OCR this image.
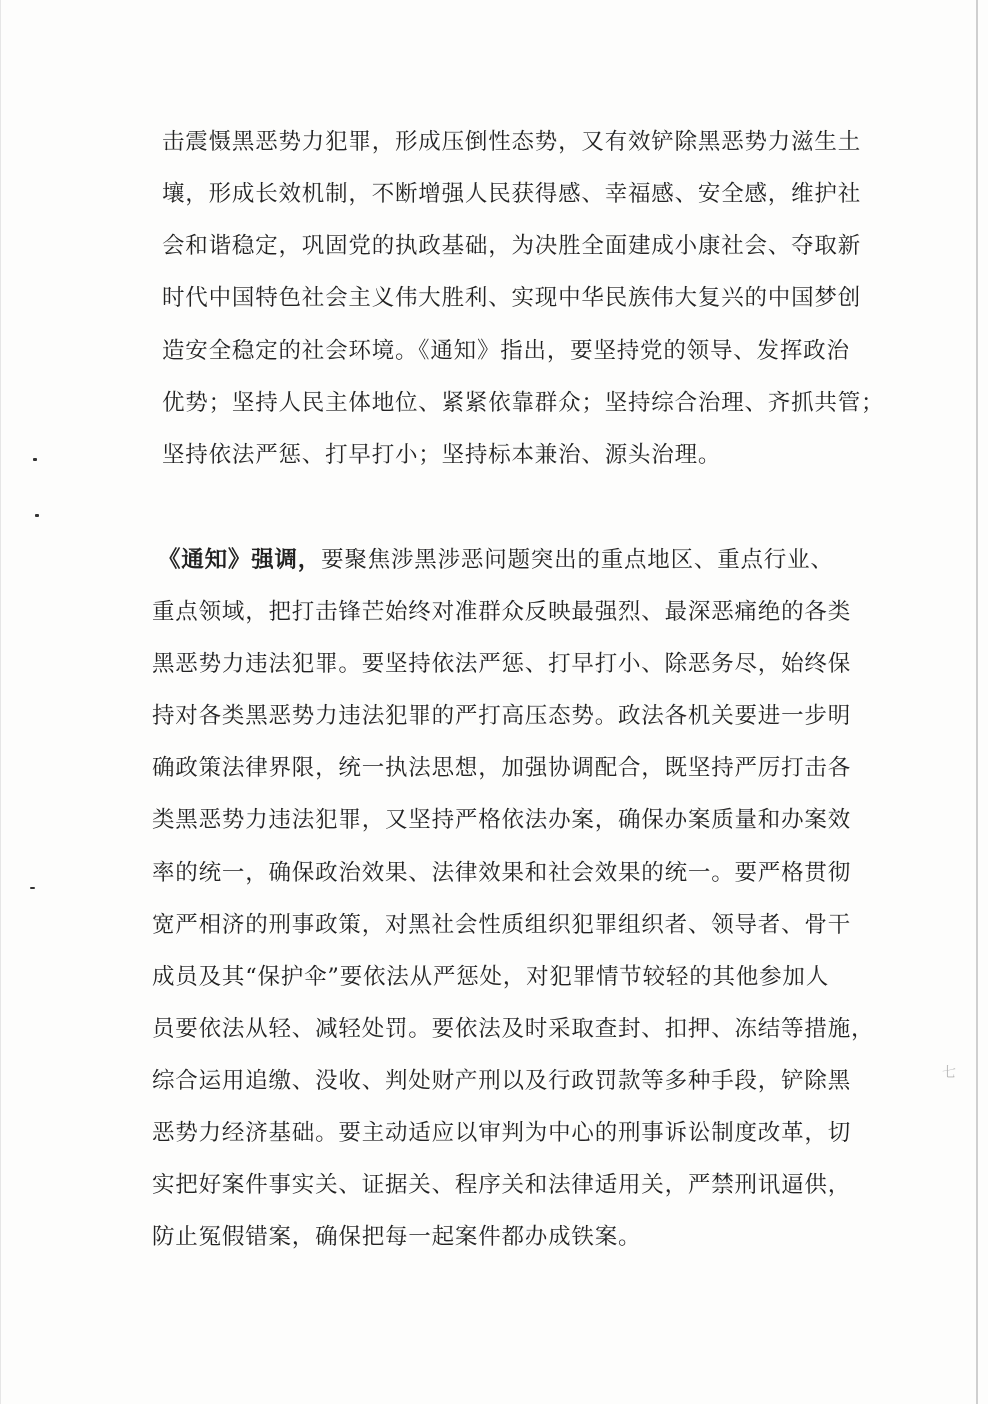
击震慑黑恶势力犯罪，形成压倒性态势，又有效铲除黑恶势力滋生土
壤，形成长效机制，不断增强人民获得感、幸福感、安全感，维护社
会和谐稳定，巩固党的执政基础，为决胜全面建成小康社会、夺取新
时代中国特色社会主义伟大胜利、实现中华民族伟大复兴的中国梦创
造安全稳定的社会环境。《通知》指出，要坚持党的领导、发挥政治
优势；坚持人民主体地位、紧紧依靠群众；坚持综合治理、齐抓共管；
坚持依法严惩、打早打小；坚持标本兼治、源头治理。
《通知》强调，要聚焦涉黑涉恶问题突出的重点地区、重点行业、
重点领域，把打击锋芒始终对准群众反映最强烈、最深恶痛绝的各类
黑恶势力违法犯罪。要坚持依法严惩、打早打小、除恶务尽，始终保
持对各类黑恶势力违法犯罪的严打高压态势。政法各机关要进一步明
确政策法律界限，统一执法思想，加强协调配合，既坚持严厉打击各
类黑恶势力违法犯罪，又坚持严格依法办案，确保办案质量和办案效
率的统一，确保政治效果、法律效果和社会效果的统一。要严格贯彻
宽严相济的刑事政策，对黑社会性质组织犯罪组织者、领导者、骨干
成员及其“保护伞”要依法从严惩处，对犯罪情节较轻的其他参加人
员要依法从轻、减轻处罚。要依法及时采取查封、扣押、冻结等措施，
综合运用追缴、没收、判处财产刑以及行政罚款等多种手段，铲除黑
恶势力经济基础。要主动适应以审判为中心的刑事诉讼制度改革，切
实把好案件事实关、证据关、程序关和法律适用关，严禁刑讯逼供，
防止冤假错案，确保把每一起案件都办成铁案。
七
